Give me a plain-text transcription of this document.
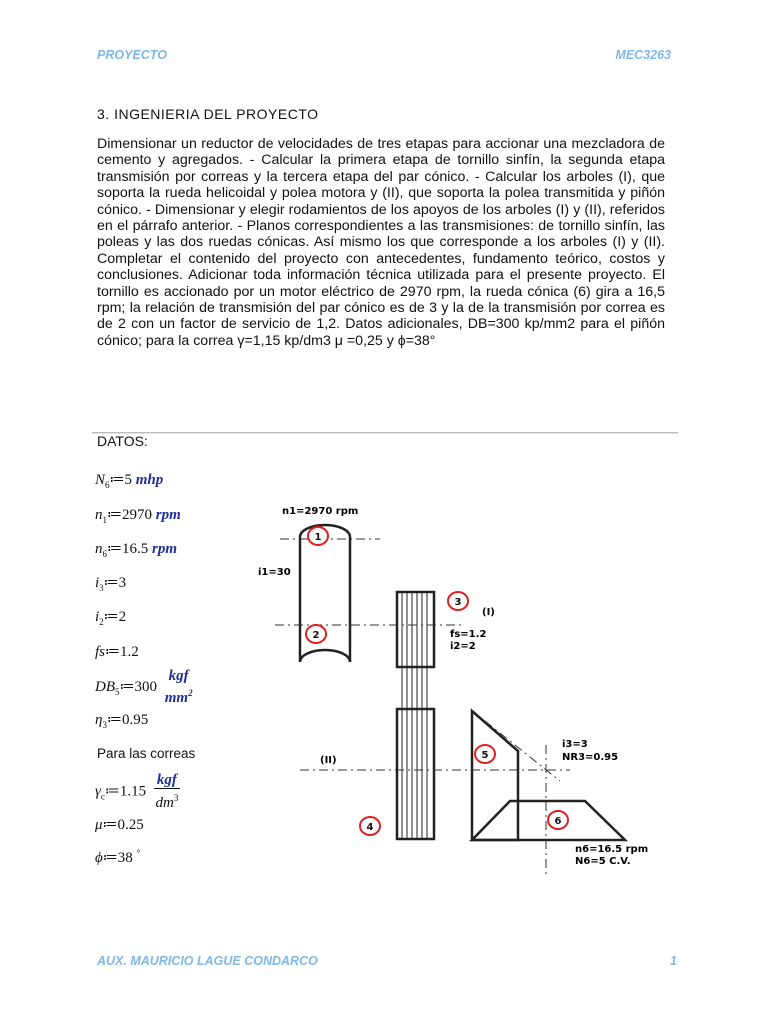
PROYECTO	MEC3263
3. INGENIERIA DEL PROYECTO
Dimensionar un reductor de velocidades de tres etapas para accionar una mezcladora de cemento y agregados. - Calcular la primera etapa de tornillo sinfín, la segunda etapa transmisión por correas y la tercera etapa del par cónico. - Calcular los arboles (I), que soporta la rueda helicoidal y polea motora y (II), que soporta la polea transmitida y piñón cónico. - Dimensionar y elegir rodamientos de los apoyos de los arboles (I) y (II), referidos en el párrafo anterior. - Planos correspondientes a las transmisiones: de tornillo sinfín, las poleas y las dos ruedas cónicas. Así mismo los que corresponde a los arboles (I) y (II). Completar el contenido del proyecto con antecedentes, fundamento teórico, costos y conclusiones. Adicionar toda información técnica utilizada para el presente proyecto. El tornillo es accionado por un motor eléctrico de 2970 rpm, la rueda cónica (6) gira a 16,5 rpm; la relación de transmisión del par cónico es de 3 y la de la transmisión por correa es de 2 con un factor de servicio de 1,2. Datos adicionales, DB=300 kp/mm2 para el piñón cónico; para la correa γ=1,15 kp/dm3 μ =0,25 y ϕ=38°
DATOS:
$N_6≔5$ mhp
$n_1≔2970$ rpm
$n_6≔16.5$ rpm
$i_3≔3$
$i_2≔2$
fs≔1.2
$DB_5≔300$
kgf
$mm^2$
$\eta_3≔0.95$
Para las correas
$\gamma_c≔1.15 \frac{\text{kgf}}{dm^3}$
μ≔0.25
ϕ≔38 °
n1=2970 rpm
i1=30
(I)
fs=1.2
i2=2
(II)
i3=3
NR3=0.95
n6=16.5 rpm
N6=5 C.V.
1
2
3
4
5
6
AUX. MAURICIO LAGUE CONDARCO	1
